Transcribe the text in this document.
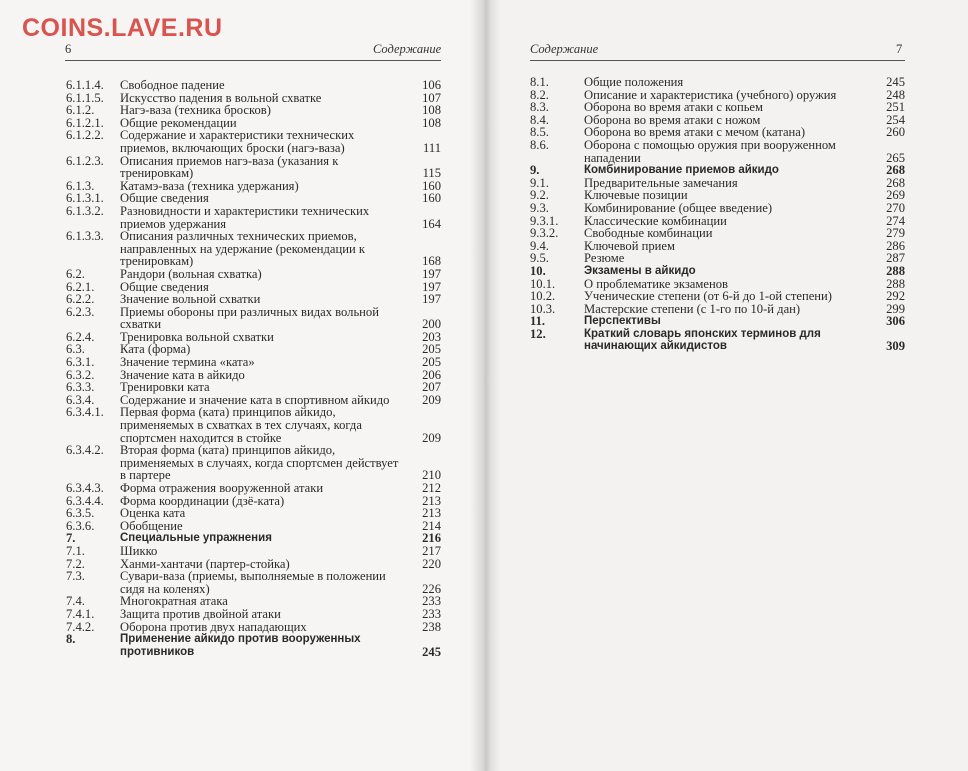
COINS.LAVE.RU
6	Содержание	Содержание	7
6.1.1.4. Свободное падение	106
6.1.1.5. Искусство падения в вольной схватке	107
6.1.2. Нагэ-ваза (техника бросков)	108
6.1.2.1. Общие рекомендации	108
6.1.2.2. Содержание и характеристики технических приемов, включающих броски (нагэ-ваза)	111
6.1.2.3. Описания приемов нагэ-ваза (указания к тренировкам)	115
6.1.3. Катамэ-ваза (техника удержания)	160
6.1.3.1. Общие сведения	160
6.1.3.2. Разновидности и характеристики технических приемов удержания	164
6.1.3.3. Описания различных технических приемов, направленных на удержание (рекомендации к тренировкам)	168
6.2.	Рандори (вольная схватка)	197
6.2.1. Общие сведения	197
6.2.2. Значение вольной схватки	197
6.2.3. Приемы обороны при различных видах вольной схватки	200
6.2.4. Тренировка вольной схватки	203
6.3.	Ката (форма)	205
6.3.1. Значение термина «ката»	205
6.3.2. Значение ката в айкидо	206
6.3.3. Тренировки ката	207
6.3.4. Содержание и значение ката в спортивном айкидо	209
6.3.4.1. Первая форма (ката) принципов айкидо, применяемых в схватках в тех случаях, когда спортсмен находится в стойке	209
6.3.4.2. Вторая форма (ката) принципов айкидо, применяемых в случаях, когда спортсмен действует в партере	210
6.3.4.3. Форма отражения вооруженной атаки	212
6.3.4.4. Форма координации (дзё-ката)	213
6.3.5. Оценка ката	213
6.3.6. Обобщение	214
7.	Специальные упражнения	216
7.1.	Шикко	217
7.2.	Ханми-хантачи (партер-стойка)	220
7.3.	Сувари-ваза (приемы, выполняемые в положении сидя на коленях)	226
7.4.	Многократная атака	233
7.4.1. Защита против двойной атаки	233
7.4.2. Оборона против двух нападающих	238
8.	Применение айкидо против вооруженных противников	245
8.1.	Общие положения	245
8.2.	Описание и характеристика (учебного) оружия	248
8.3.	Оборона во время атаки с копьем	251
8.4.	Оборона во время атаки с ножом	254
8.5.	Оборона во время атаки с мечом (катана)	260
8.6.	Оборона с помощью оружия при вооруженном нападении	265
9.	Комбинирование приемов айкидо	268
9.1.	Предварительные замечания	268
9.2.	Ключевые позиции	269
9.3.	Комбинирование (общее введение)	270
9.3.1. Классические комбинации	274
9.3.2. Свободные комбинации	279
9.4.	Ключевой прием	286
9.5.	Резюме	287
10.	Экзамены в айкидо	288
10.1. О проблематике экзаменов	288
10.2. Ученические степени (от 6-й до 1-ой степени)	292
10.3. Мастерские степени (с 1-го по 10-й дан)	299
11.	Перспективы	306
12.	Краткий словарь японских терминов для начинающих айкидистов	309
